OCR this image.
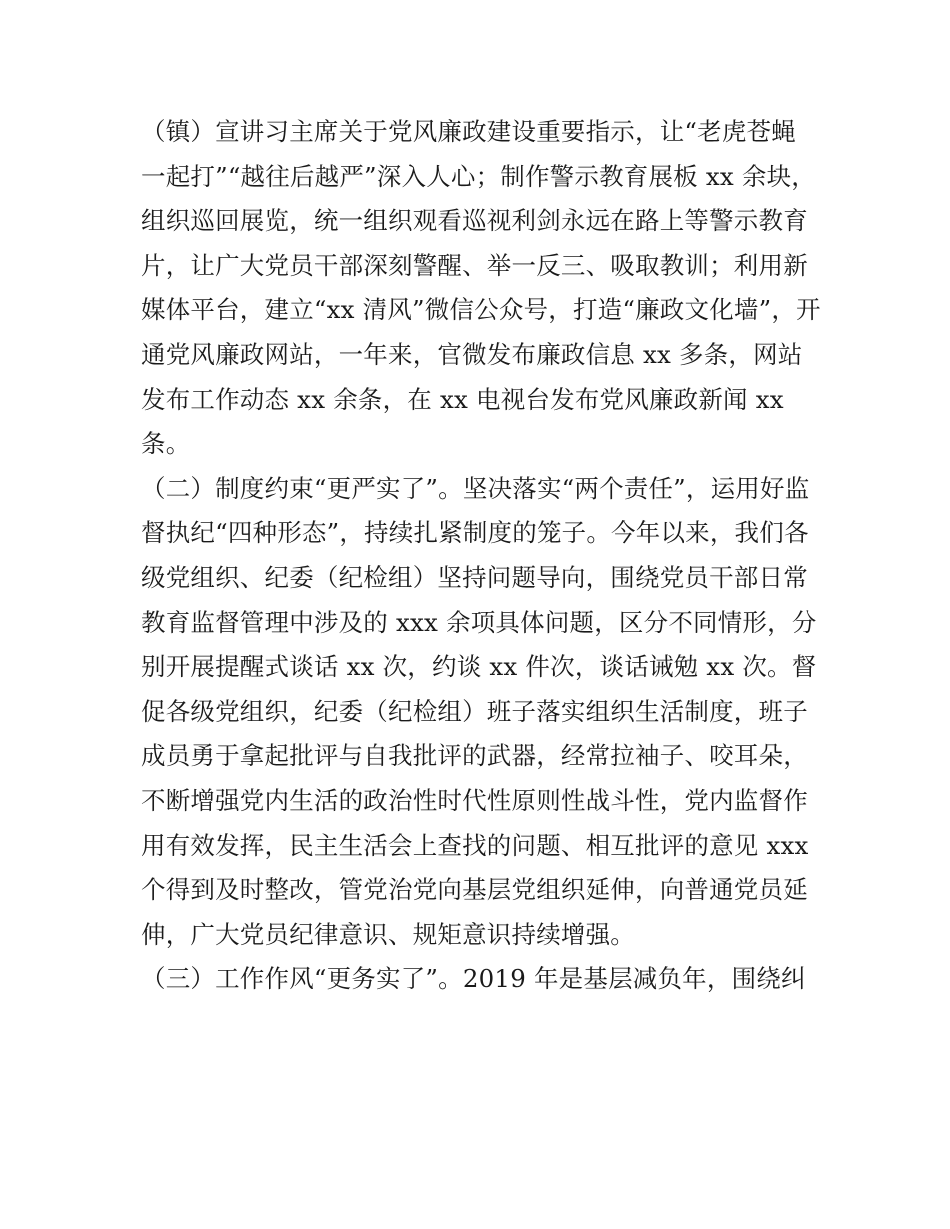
（镇）宣讲习主席关于党风廉政建设重要指示，让“老虎苍蝇
一起打”“越往后越严”深入人心；制作警示教育展板 xx 余块，
组织巡回展览，统一组织观看巡视利剑永远在路上等警示教育
片，让广大党员干部深刻警醒、举一反三、吸取教训；利用新
媒体平台，建立“xx 清风”微信公众号，打造“廉政文化墙”，开
通党风廉政网站，一年来，官微发布廉政信息 xx 多条，网站
发布工作动态 xx 余条，在 xx 电视台发布党风廉政新闻 xx
条。
（二）制度约束“更严实了”。坚决落实“两个责任”，运用好监
督执纪“四种形态”，持续扎紧制度的笼子。今年以来，我们各
级党组织、纪委（纪检组）坚持问题导向，围绕党员干部日常
教育监督管理中涉及的 xxx 余项具体问题，区分不同情形，分
别开展提醒式谈话 xx 次，约谈 xx 件次，谈话诫勉 xx 次。督
促各级党组织，纪委（纪检组）班子落实组织生活制度，班子
成员勇于拿起批评与自我批评的武器，经常拉袖子、咬耳朵，
不断增强党内生活的政治性时代性原则性战斗性，党内监督作
用有效发挥，民主生活会上查找的问题、相互批评的意见 xxx
个得到及时整改，管党治党向基层党组织延伸，向普通党员延
伸，广大党员纪律意识、规矩意识持续增强。
（三）工作作风“更务实了”。2019 年是基层减负年，围绕纠
